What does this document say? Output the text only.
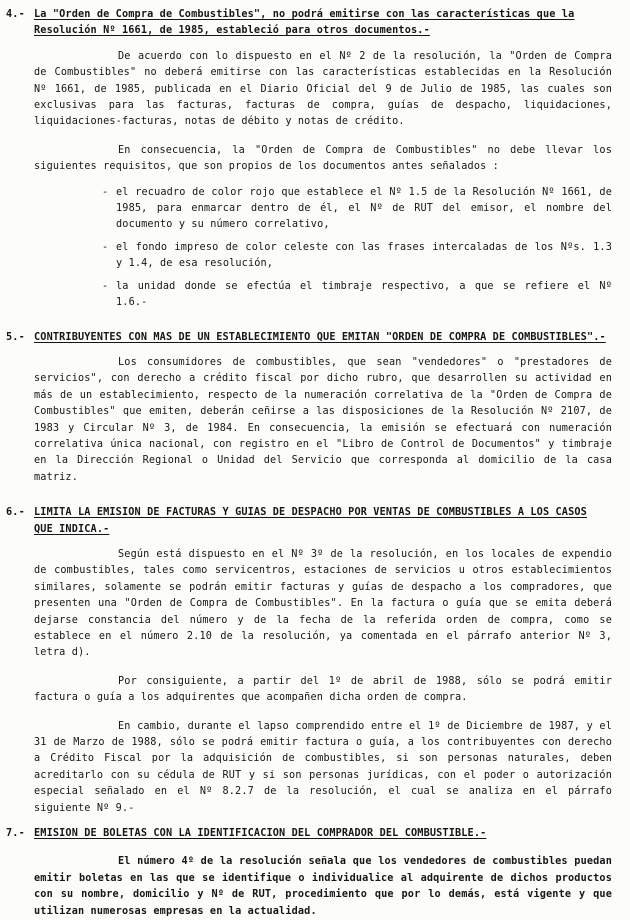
4.- La "Orden de Compra de Combustibles", no podrá emitirse con las características que la Resolución Nº 1661, de 1985, estableció para otros documentos.-

De acuerdo con lo dispuesto en el Nº 2 de la resolución, la "Orden de Compra de Combustibles" no deberá emitirse con las características establecidas en la Resolución Nº 1661, de 1985, publicada en el Diario Oficial del 9 de Julio de 1985, las cuales son exclusivas para las facturas, facturas de compra, guías de despacho, liquidaciones, liquidaciones-facturas, notas de débito y notas de crédito.

En consecuencia, la "Orden de Compra de Combustibles" no debe llevar los siguientes requisitos, que son propios de los documentos antes señalados :

- el recuadro de color rojo que establece el Nº 1.5 de la Resolución Nº 1661, de 1985, para enmarcar dentro de él, el Nº de RUT del emisor, el nombre del documento y su número correlativo,
- el fondo impreso de color celeste con las frases intercaladas de los Nºs. 1.3 y 1.4, de esa resolución,
- la unidad donde se efectúa el timbraje respectivo, a que se refiere el Nº 1.6.-
5.- CONTRIBUYENTES CON MAS DE UN ESTABLECIMIENTO QUE EMITAN "ORDEN DE COMPRA DE COMBUSTIBLES".-

Los consumidores de combustibles, que sean "vendedores" o "prestadores de servicios", con derecho a crédito fiscal por dicho rubro, que desarrollen su actividad en más de un establecimiento, respecto de la numeración correlativa de la "Orden de Compra de Combustibles" que emiten, deberán ceñirse a las disposiciones de la Resolución Nº 2107, de 1983 y Circular Nº 3, de 1984. En consecuencia, la emisión se efectuará con numeración correlativa única nacional, con registro en el "Libro de Control de Documentos" y timbraje en la Dirección Regional o Unidad del Servicio que corresponda al domicilio de la casa matriz.

6.- LIMITA LA EMISION DE FACTURAS Y GUIAS DE DESPACHO POR VENTAS DE COMBUSTIBLES A LOS CASOS QUE INDICA.-

Según está dispuesto en el Nº 3º de la resolución, en los locales de expendio de combustibles, tales como servicentros, estaciones de servicios u otros establecimientos similares, solamente se podrán emitir facturas y guías de despacho a los compradores, que presenten una "Orden de Compra de Combustibles". En la factura o guía que se emita deberá dejarse constancia del número y de la fecha de la referida orden de compra, como se establece en el número 2.10 de la resolución, ya comentada en el párrafo anterior Nº 3, letra d).

Por consiguiente, a partir del 1º de abril de 1988, sólo se podrá emitir factura o guía a los adquirentes que acompañen dicha orden de compra.

En cambio, durante el lapso comprendido entre el 1º de Diciembre de 1987, y el 31 de Marzo de 1988, sólo se podrá emitir factura o guía, a los contribuyentes con derecho a Crédito Fiscal por la adquisición de combustibles, si son personas naturales, deben acreditarlo con su cédula de RUT y si son personas jurídicas, con el poder o autorización especial señalado en el Nº 8.2.7 de la resolución, el cual se analiza en el párrafo siguiente Nº 9.-

7.- EMISION DE BOLETAS CON LA IDENTIFICACION DEL COMPRADOR DEL COMBUSTIBLE.-

El número 4º de la resolución señala que los vendedores de combustibles puedan emitir boletas en las que se identifique o individualice al adquirente de dichos productos con su nombre, domicilio y Nº de RUT, procedimiento que por lo demás, está vigente y que utilizan numerosas empresas en la actualidad.
